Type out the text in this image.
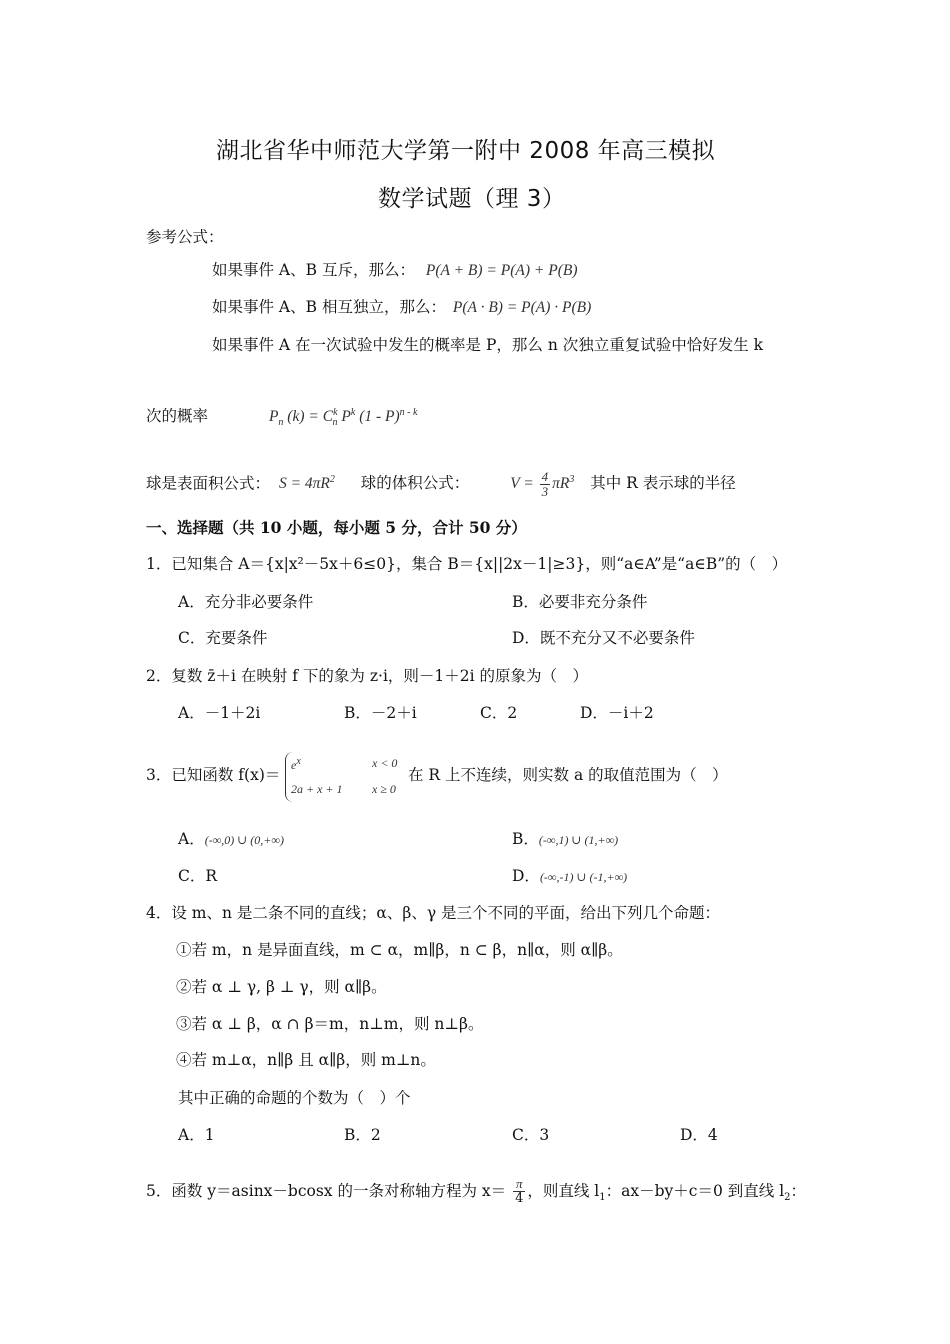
湖北省华中师范大学第一附中 2008 年高三模拟
数学试题（理 3）
参考公式：
如果事件 A、B 互斥，那么： P(A + B) = P(A) + P(B)
如果事件 A、B 相互独立，那么： P(A · B) = P(A) · P(B)
如果事件 A 在一次试验中发生的概率是 P，那么 n 次独立重复试验中恰好发生 k
次的概率	$P_n$ $(k) = C^k_n$ $P^k$ (1 - P)$^{n - k}$
球是表面积公式： $S = 4\pi R^2$ 球的体积公式：	$V = \frac{4}{3} \pi R^3$ 其中 R 表示球的半径
一、选择题（共 10 小题，每小题 5 分，合计 50 分）
1．已知集合 A＝{x|x²－5x＋6≤0}，集合 B＝{x||2x－1|≥3}，则“a∈A”是“a∈B”的（　）
A．充分非必要条件	B．必要非充分条件
C．充要条件	D．既不充分又不必要条件
2．复数 z̄＋i 在映射 f 下的象为 z·i，则－1＋2i 的原象为（　）
A．－1＋2i	B．－2＋i	C．2	D．－i＋2
3．已知函数 f(x)＝
$e^x$	x < 0
2a + x + 1 x ≥ 0
在 R 上不连续，则实数 a 的取值范围为（　）
A．(-∞,0) ∪ (0,+∞)	B．(-∞,1) ∪ (1,+∞)
C．R	D．(-∞,-1) ∪ (-1,+∞)
4．设 m、n 是二条不同的直线；α、β、γ 是三个不同的平面，给出下列几个命题：
①若 m，n 是异面直线，m ⊂ α，m∥β，n ⊂ β，n∥α，则 α∥β。
②若 α ⊥ γ, β ⊥ γ，则 α∥β。
③若 α ⊥ β，α ∩ β＝m，n⊥m，则 n⊥β。
④若 m⊥α，n∥β 且 α∥β，则 m⊥n。
其中正确的命题的个数为（　）个
A．1	B．2	C．3	D．4
5．函数 y＝asinx－bcosx 的一条对称轴方程为 $x= \frac{\pi}{4}$ ，则直线 $l_1$：ax－by＋c＝0 到直线 $l_2$：
